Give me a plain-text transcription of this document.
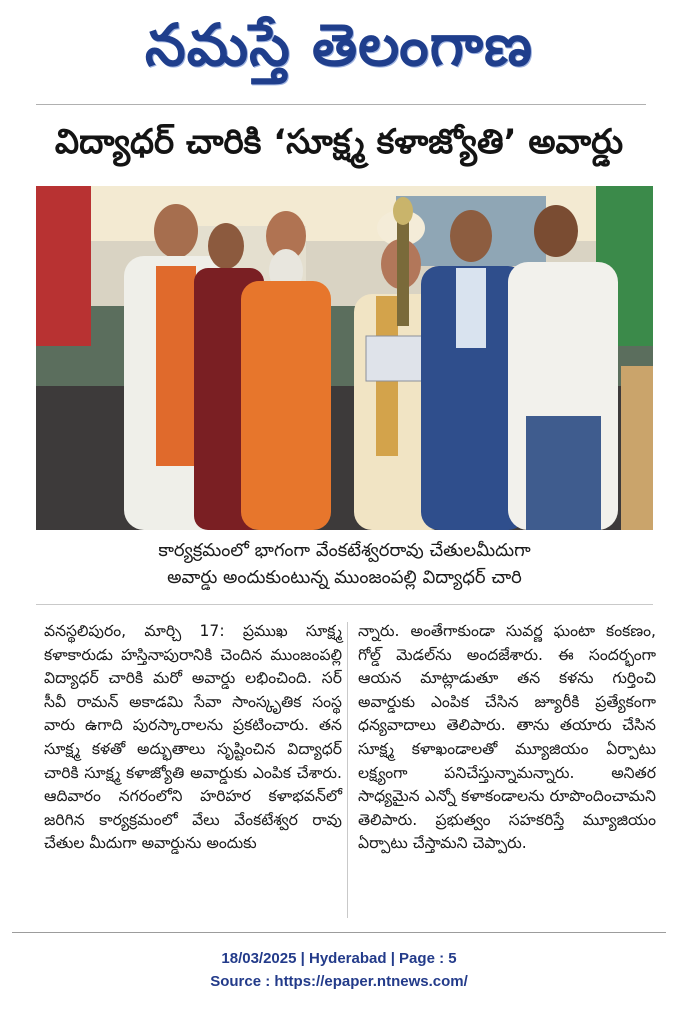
నమస్తే తెలంగాణ
విద్యాధర్ చారికి ‘సూక్ష్మ కళాజ్యోతి’ అవార్డు
కార్యక్రమంలో భాగంగా వేంకటేశ్వరరావు చేతులమీదుగా
అవార్డు అందుకుంటున్న ముంజంపల్లి విద్యాధర్ చారి

వనస్థలిపురం, మార్చి 17: ప్రముఖ సూక్ష్మ కళాకారుడు హస్తినాపురానికి చెందిన ముంజంపల్లి విద్యాధర్ చారికి మరో అవార్డు లభించింది. సర్ సీవీ రామన్ అకాడమి సేవా సాంస్కృతిక సంస్థ వారు ఉగాది పురస్కారాలను ప్రకటించారు. తన సూక్ష్మ కళతో అద్భుతాలు సృష్టించిన విద్యాధర్ చారికి సూక్ష్మ కళాజ్యోతి అవార్డుకు ఎంపిక చేశారు. ఆదివారం నగరంలోని హరిహర కళాభవన్‌లో జరిగిన కార్యక్రమంలో వేలు వేంకటేశ్వర రావు చేతుల మీదుగా అవార్డును అందుకు

న్నారు. అంతేగాకుండా సువర్ణ ఘంటా కంకణం, గోల్డ్ మెడల్‌ను అందజేశారు. ఈ సందర్భంగా ఆయన మాట్లాడుతూ తన కళను గుర్తించి అవార్డుకు ఎంపిక చేసిన జ్యూరీకి ప్రత్యేకంగా ధన్యవాదాలు తెలిపారు. తాను తయారు చేసిన సూక్ష్మ కళాఖండాలతో మ్యూజియం ఏర్పాటు లక్ష్యంగా పనిచేస్తున్నామన్నారు. అనితర సాధ్యమైన ఎన్నో కళాకండాలను రూపొందించామని తెలిపారు. ప్రభుత్వం సహకరిస్తే మ్యూజియం ఏర్పాటు చేస్తామని చెప్పారు.

18/03/2025 | Hyderabad | Page : 5
Source : https://epaper.ntnews.com/
